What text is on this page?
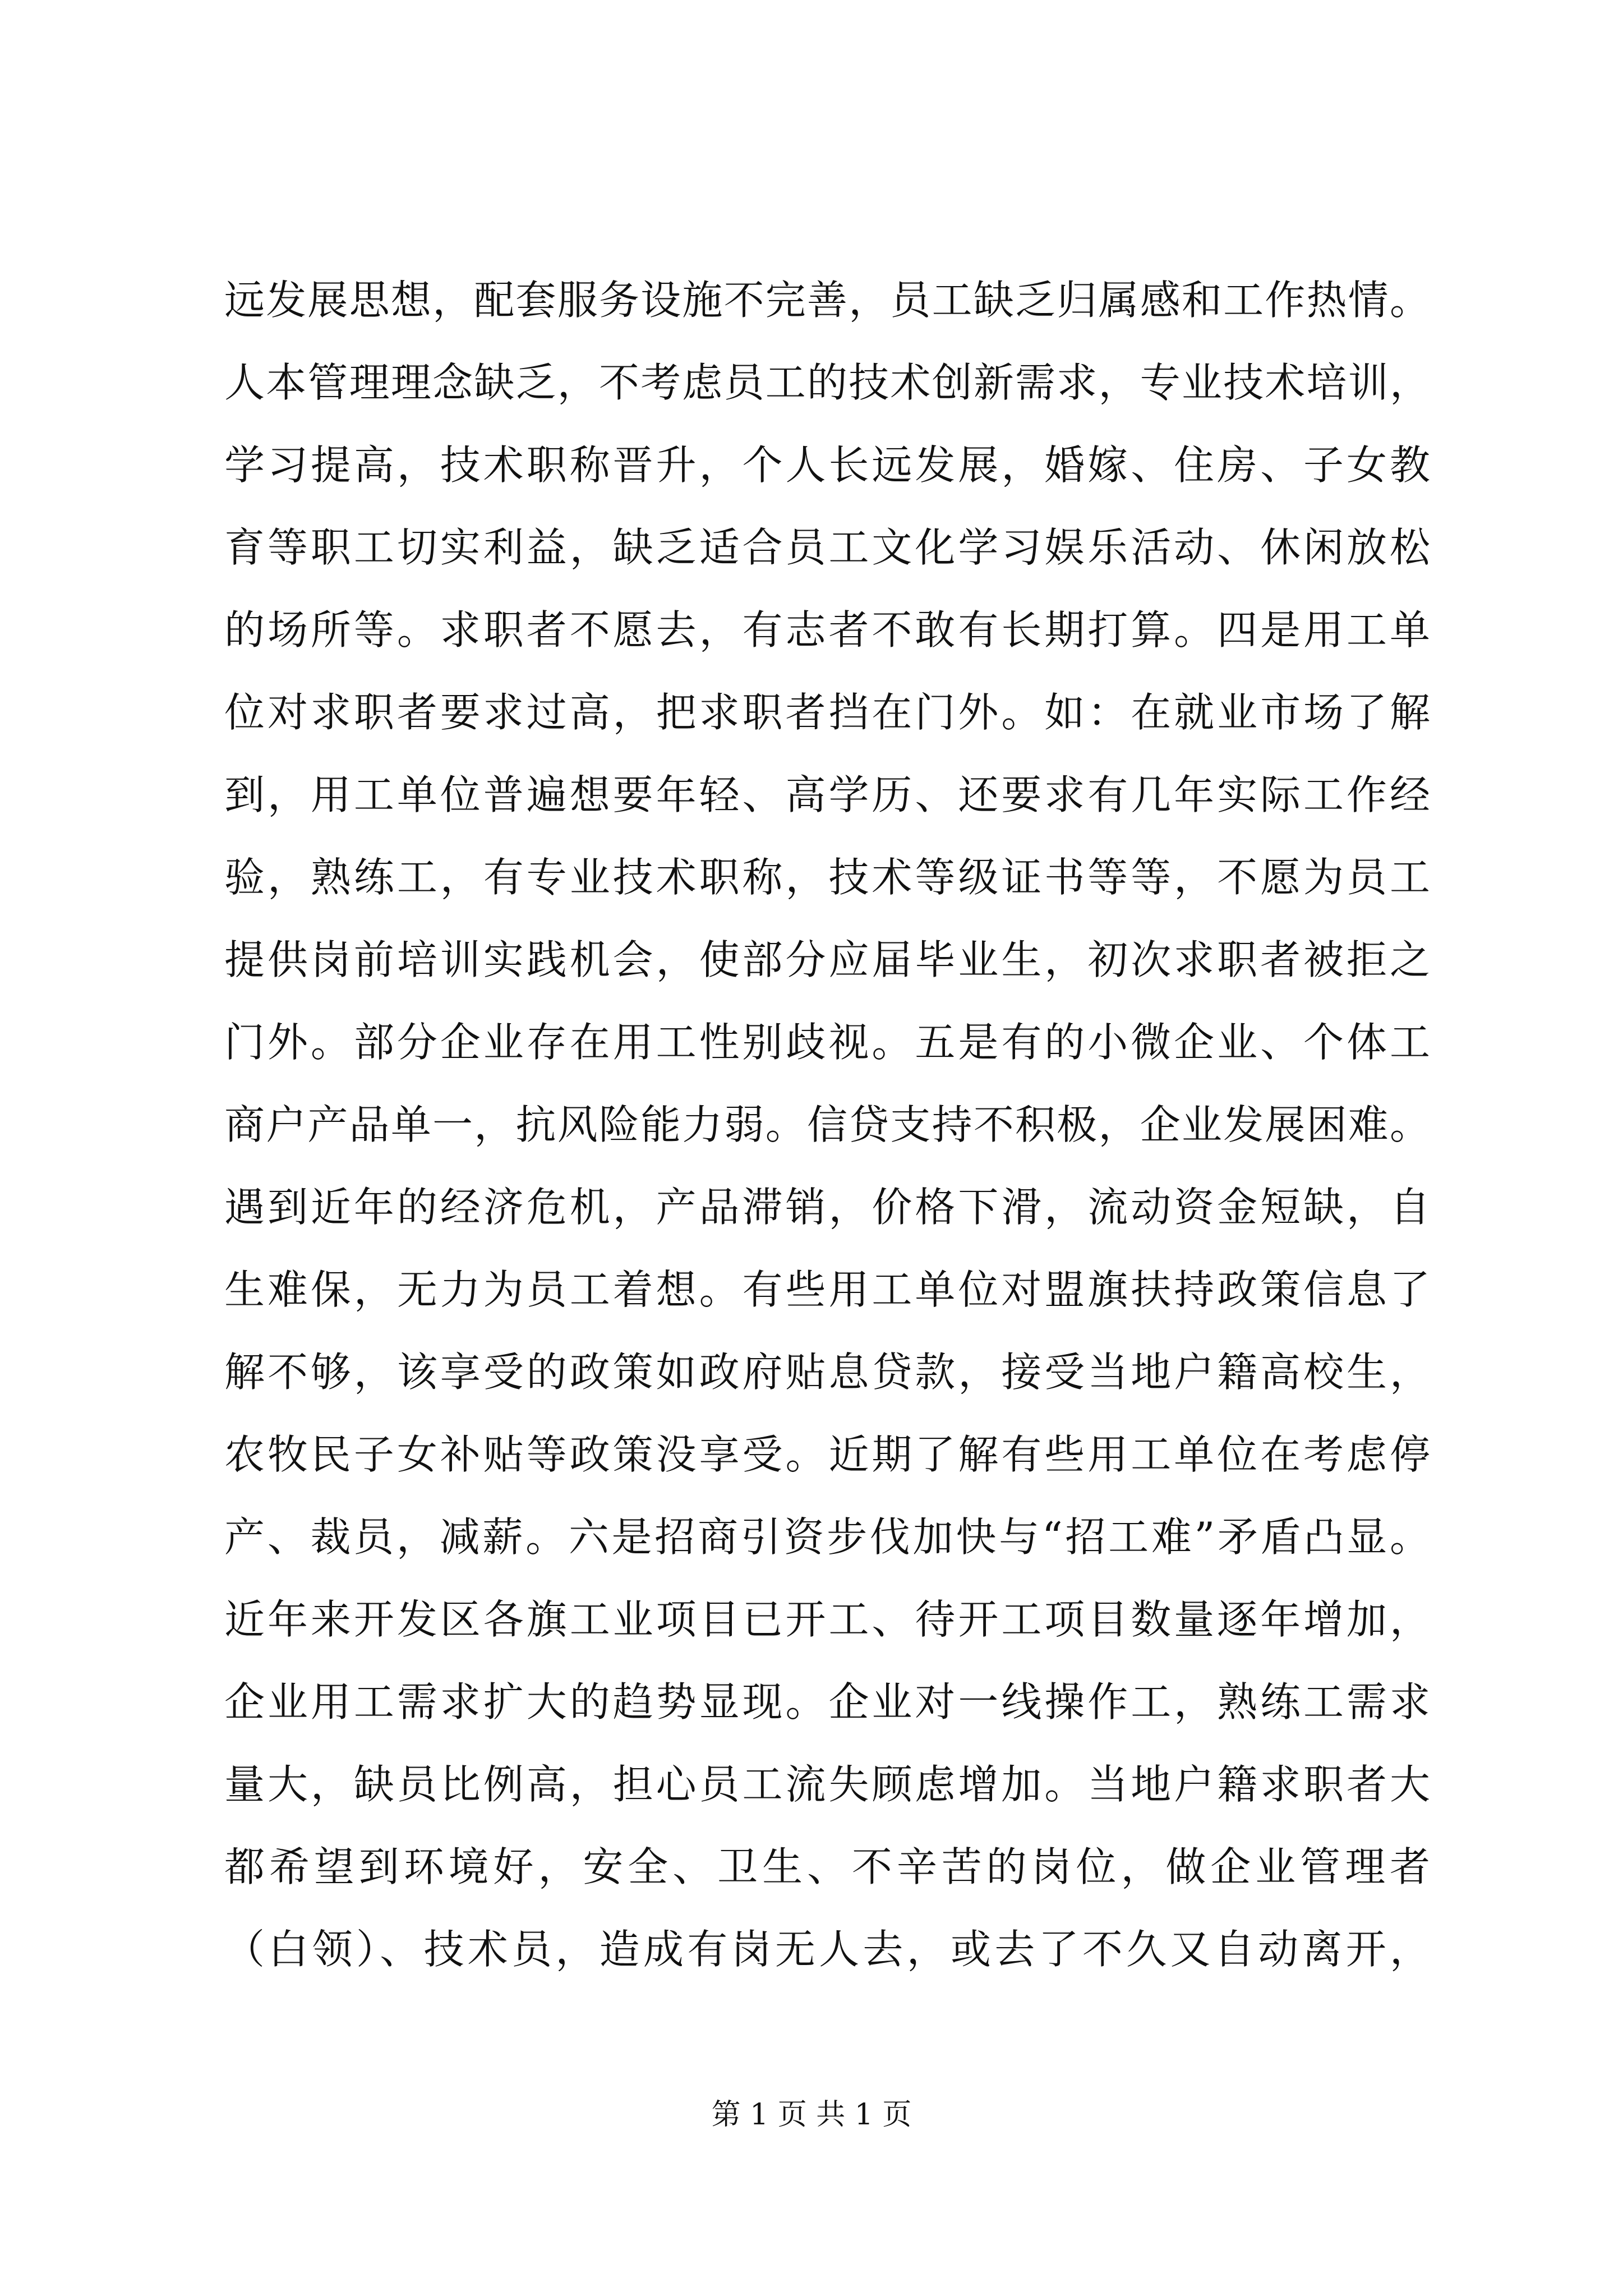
远发展思想，配套服务设施不完善，员工缺乏归属感和工作热情。
人本管理理念缺乏，不考虑员工的技术创新需求，专业技术培训，
学习提高，技术职称晋升，个人长远发展，婚嫁、住房、子女教
育等职工切实利益，缺乏适合员工文化学习娱乐活动、休闲放松
的场所等。求职者不愿去，有志者不敢有长期打算。四是用工单
位对求职者要求过高，把求职者挡在门外。如：在就业市场了解
到，用工单位普遍想要年轻、高学历、还要求有几年实际工作经
验，熟练工，有专业技术职称，技术等级证书等等，不愿为员工
提供岗前培训实践机会，使部分应届毕业生，初次求职者被拒之
门外。部分企业存在用工性别歧视。五是有的小微企业、个体工
商户产品单一，抗风险能力弱。信贷支持不积极，企业发展困难。
遇到近年的经济危机，产品滞销，价格下滑，流动资金短缺，自
生难保，无力为员工着想。有些用工单位对盟旗扶持政策信息了
解不够，该享受的政策如政府贴息贷款，接受当地户籍高校生，
农牧民子女补贴等政策没享受。近期了解有些用工单位在考虑停
产、裁员，减薪。六是招商引资步伐加快与“招工难”矛盾凸显。
近年来开发区各旗工业项目已开工、待开工项目数量逐年增加，
企业用工需求扩大的趋势显现。企业对一线操作工，熟练工需求
量大，缺员比例高，担心员工流失顾虑增加。当地户籍求职者大
都希望到环境好，安全、卫生、不辛苦的岗位，做企业管理者
（白领）、技术员，造成有岗无人去，或去了不久又自动离开，
第 1 页 共 1 页
